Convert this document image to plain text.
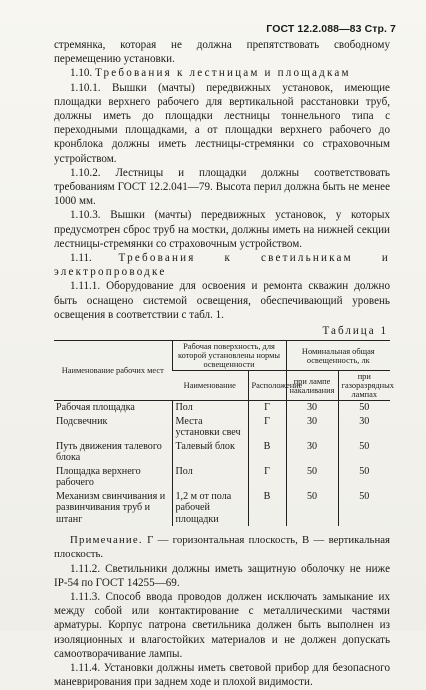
ГОСТ 12.2.088—83 Стр. 7

стремянка, которая не должна препятствовать свободному перемещению установки.

1.10. Требования к лестницам и площадкам

1.10.1. Вышки (мачты) передвижных установок, имеющие площадки верхнего рабочего для вертикальной расстановки труб, должны иметь до площадки лестницы тоннельного типа с переходными площадками, а от площадки верхнего рабочего до кронблока должны иметь лестницы-стремянки со страховочным устройством.

1.10.2. Лестницы и площадки должны соответствовать требованиям ГОСТ 12.2.041—79. Высота перил должна быть не менее 1000 мм.

1.10.3. Вышки (мачты) передвижных установок, у которых предусмотрен сброс труб на мостки, должны иметь на нижней секции лестницы-стремянки со страховочным устройством.

1.11. Требования к светильникам и электропроводке

1.11.1. Оборудование для освоения и ремонта скважин должно быть оснащено системой освещения, обеспечивающий уровень освещения в соответствии с табл. 1.

Таблица 1
Наименование рабочих мест	Рабочая поверхность, для которой установлены нормы освещенности		Номинальная общая освещенность, лк	
	Наименование	Расположение	при лампе накаливания	при газоразрядных лампах
Рабочая площадка	Пол	Г	30	50
Подсвечник	Места установки свеч	Г	30	30
Путь движения талевого блока	Талевый блок	В	30	50
Площадка верхнего рабочего	Пол	Г	50	50
Механизм свинчивания и развинчивания труб и штанг	1,2 м от пола рабочей площадки	В	50	50

Примечание. Г — горизонтальная плоскость, В — вертикальная плоскость.

1.11.2. Светильники должны иметь защитную оболочку не ниже IP-54 по ГОСТ 14255—69.

1.11.3. Способ ввода проводов должен исключать замыкание их между собой или контактирование с металлическими частями арматуры. Корпус патрона светильника должен быть выполнен из изоляционных и влагостойких материалов и не должен допускать самоотворачивание лампы.

1.11.4. Установки должны иметь световой прибор для безопасного маневрирования при заднем ходе и плохой видимости.
